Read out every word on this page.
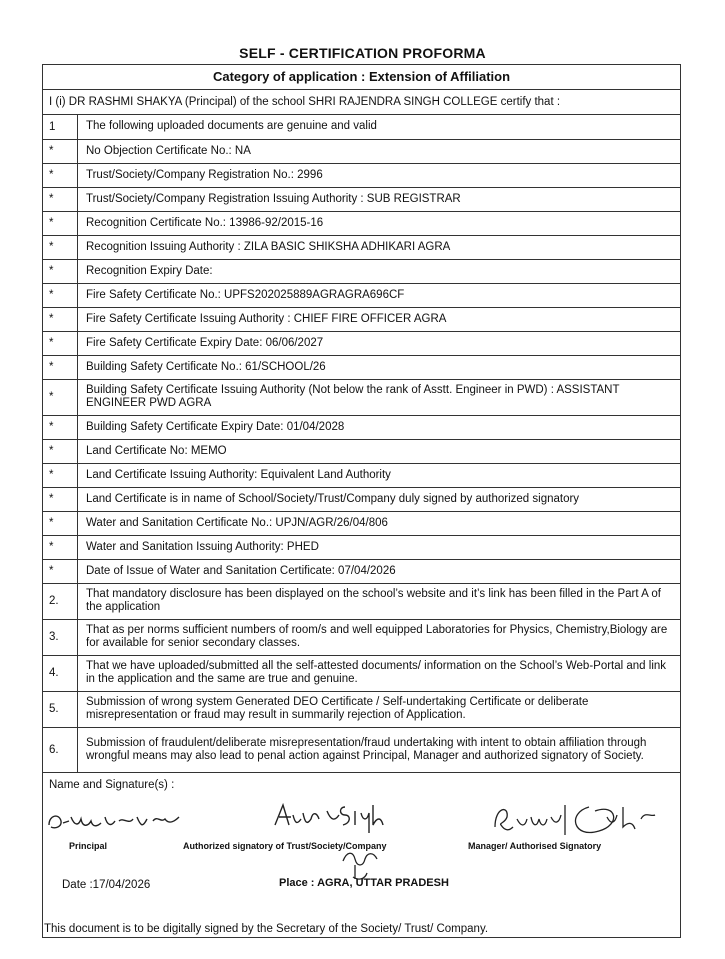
SELF - CERTIFICATION PROFORMA
Category of application : Extension of Affiliation
I (i) DR RASHMI SHAKYA (Principal) of the school SHRI RAJENDRA SINGH COLLEGE certify that :
1	The following uploaded documents are genuine and valid
*	No Objection Certificate No.: NA
*	Trust/Society/Company Registration No.: 2996
*	Trust/Society/Company Registration Issuing Authority : SUB REGISTRAR
*	Recognition Certificate No.: 13986-92/2015-16
*	Recognition Issuing Authority : ZILA BASIC SHIKSHA ADHIKARI AGRA
*	Recognition Expiry Date:
*	Fire Safety Certificate No.: UPFS202025889AGRAGRA696CF
*	Fire Safety Certificate Issuing Authority : CHIEF FIRE OFFICER AGRA
*	Fire Safety Certificate Expiry Date: 06/06/2027
*	Building Safety Certificate No.: 61/SCHOOL/26
*	Building Safety Certificate Issuing Authority (Not below the rank of Asstt. Engineer in PWD) : ASSISTANT ENGINEER PWD AGRA
*	Building Safety Certificate Expiry Date: 01/04/2028
*	Land Certificate No: MEMO
*	Land Certificate Issuing Authority: Equivalent Land Authority
*	Land Certificate is in name of School/Society/Trust/Company duly signed by authorized signatory
*	Water and Sanitation Certificate No.: UPJN/AGR/26/04/806
*	Water and Sanitation Issuing Authority: PHED
*	Date of Issue of Water and Sanitation Certificate: 07/04/2026
2.	That mandatory disclosure has been displayed on the school’s website and it’s link has been filled in the Part A of the application
3.	That as per norms sufficient numbers of room/s and well equipped Laboratories for Physics, Chemistry,Biology are for available for senior secondary classes.
4.	That we have uploaded/submitted all the self-attested documents/ information on the School’s Web-Portal and link in the application and the same are true and genuine.
5.	Submission of wrong system Generated DEO Certificate / Self-undertaking Certificate or deliberate misrepresentation or fraud may result in summarily rejection of Application.
6.	Submission of fraudulent/deliberate misrepresentation/fraud undertaking with intent to obtain affiliation through wrongful means may also lead to penal action against Principal, Manager and authorized signatory of Society.
Name and Signature(s) :
Principal	Authorized signatory of Trust/Society/Company	Manager/ Authorised Signatory
Date :17/04/2026	Place : AGRA, UTTAR PRADESH
This document is to be digitally signed by the Secretary of the Society/ Trust/ Company.
